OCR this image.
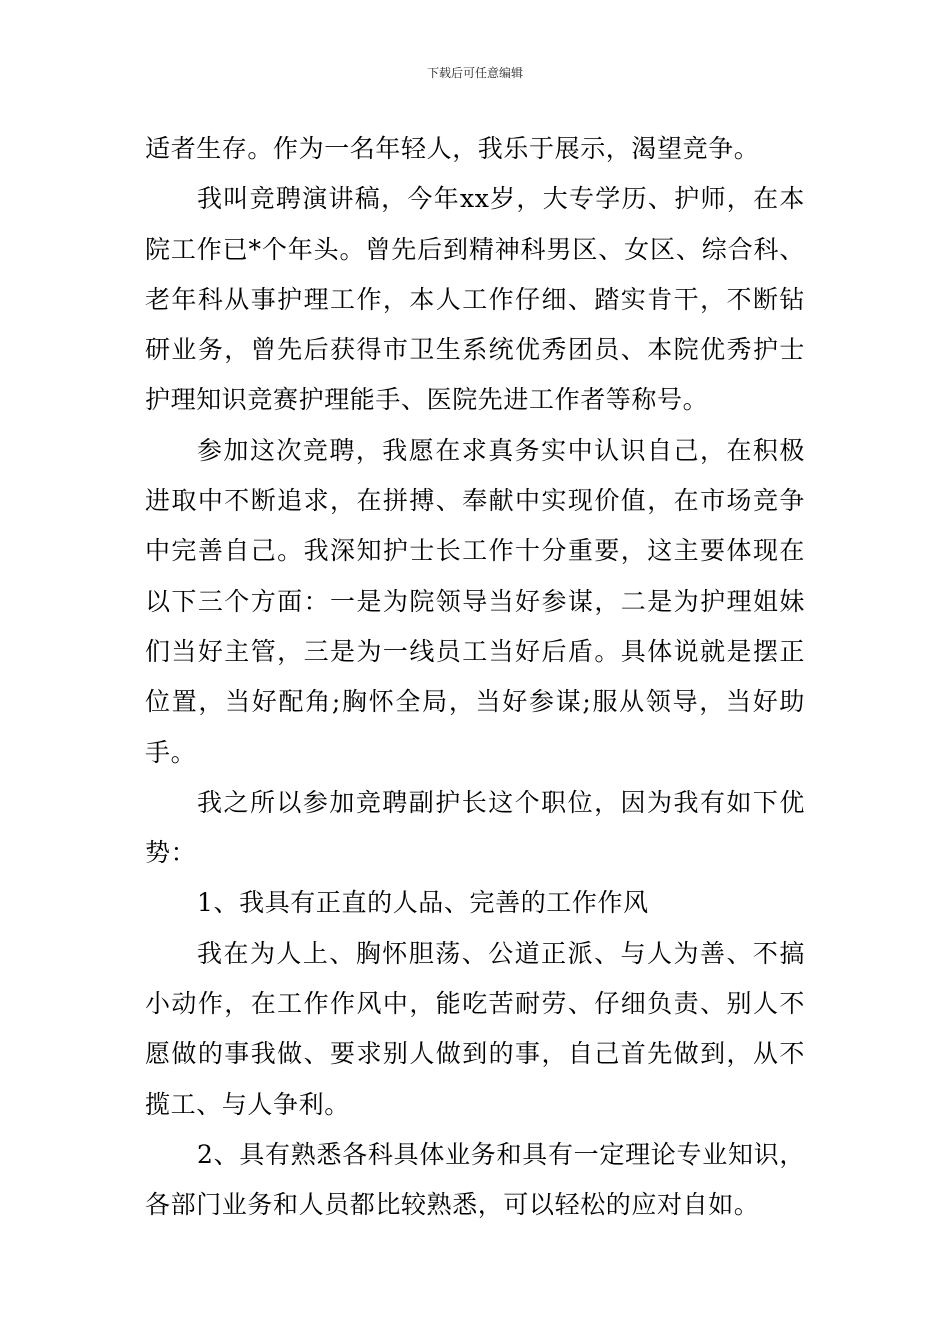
下载后可任意编辑

适者生存。作为一名年轻人，我乐于展示，渴望竞争。

我叫竞聘演讲稿，今年xx岁，大专学历、护师，在本院工作已*个年头。曾先后到精神科男区、女区、综合科、老年科从事护理工作，本人工作仔细、踏实肯干，不断钻研业务，曾先后获得市卫生系统优秀团员、本院优秀护士护理知识竞赛护理能手、医院先进工作者等称号。

参加这次竞聘，我愿在求真务实中认识自己，在积极进取中不断追求，在拼搏、奉献中实现价值，在市场竞争中完善自己。我深知护士长工作十分重要，这主要体现在以下三个方面：一是为院领导当好参谋，二是为护理姐妹们当好主管，三是为一线员工当好后盾。具体说就是摆正位置，当好配角;胸怀全局，当好参谋;服从领导，当好助手。

我之所以参加竞聘副护长这个职位，因为我有如下优势：

1、我具有正直的人品、完善的工作作风

我在为人上、胸怀胆荡、公道正派、与人为善、不搞小动作，在工作作风中，能吃苦耐劳、仔细负责、别人不愿做的事我做、要求别人做到的事，自己首先做到，从不揽工、与人争利。

2、具有熟悉各科具体业务和具有一定理论专业知识，各部门业务和人员都比较熟悉，可以轻松的应对自如。
